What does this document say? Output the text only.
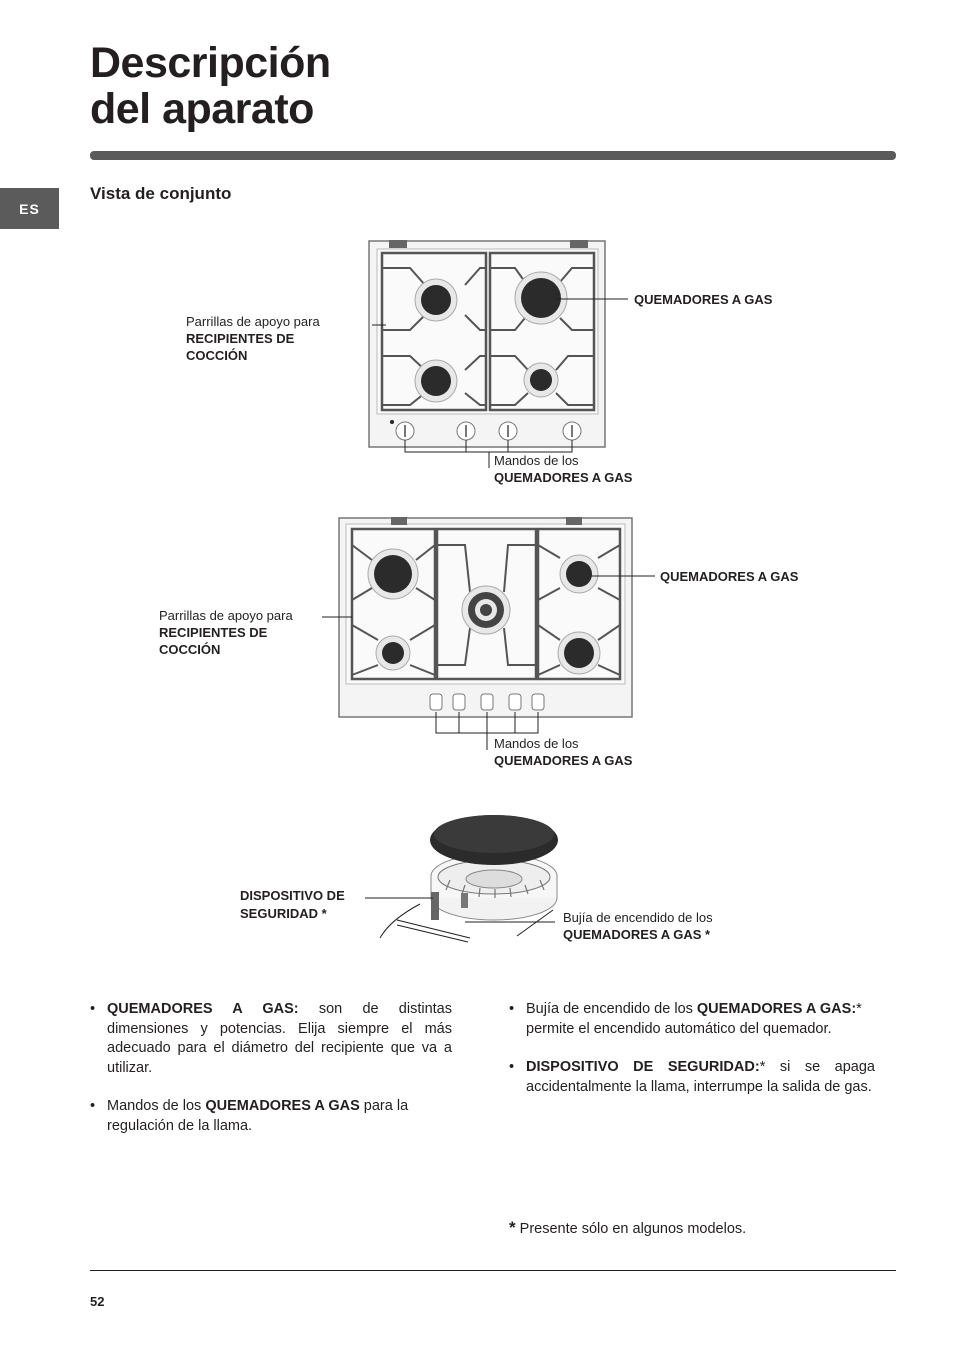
Descripción
del aparato
ES
Vista de conjunto
Parrillas de apoyo para
RECIPIENTES DE
COCCIÓN
QUEMADORES A GAS
Mandos de los
QUEMADORES A GAS
Parrillas de apoyo para
RECIPIENTES DE
COCCIÓN
QUEMADORES A GAS
Mandos de los
QUEMADORES A GAS
DISPOSITIVO DE
SEGURIDAD *	Bujía de encendido de los
QUEMADORES A GAS *
• QUEMADORES A GAS: son de distintas dimensiones y potencias. Elija siempre el más adecuado para el diámetro del recipiente que va a utilizar.
• Mandos de los QUEMADORES A GAS para la regulación de la llama.
• Bujía de encendido de los QUEMADORES A GAS:* permite el encendido automático del quemador.
• DISPOSITIVO DE SEGURIDAD:* si se apaga accidentalmente la llama, interrumpe la salida de gas.
* Presente sólo en algunos modelos.
52
